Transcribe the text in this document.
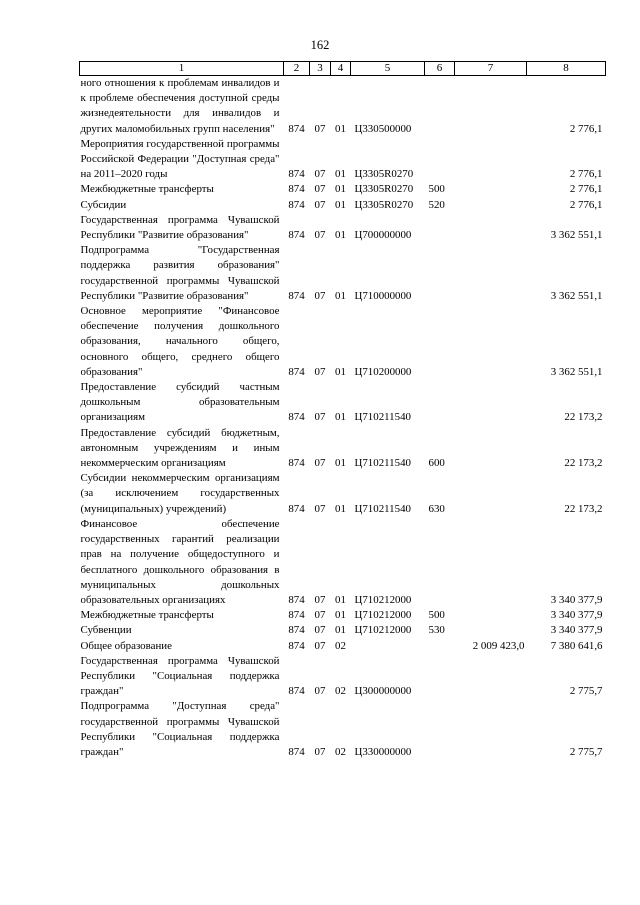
162
1	2	3	4	5	6	7	8
ного отношения к проблемам инвалидов и к проблеме обеспечения доступной среды жизнедеятельности для инвалидов и других маломобильных групп населения"	874	07	01	Ц330500000			2 776,1
Мероприятия государственной программы Российской Федерации "Доступная среда" на 2011–2020 годы	874	07	01	Ц3305R0270			2 776,1
Межбюджетные трансферты	874	07	01	Ц3305R0270	500		2 776,1
Субсидии	874	07	01	Ц3305R0270	520		2 776,1
Государственная программа Чувашской Республики "Развитие образования"	874	07	01	Ц700000000			3 362 551,1
Подпрограмма "Государственная поддержка развития образования" государственной программы Чувашской Республики "Развитие образования"	874	07	01	Ц710000000			3 362 551,1
Основное мероприятие "Финансовое обеспечение получения дошкольного образования, начального общего, основного общего, среднего общего образования"	874	07	01	Ц710200000			3 362 551,1
Предоставление субсидий частным дошкольным образовательным организациям	874	07	01	Ц710211540			22 173,2
Предоставление субсидий бюджетным, автономным учреждениям и иным некоммерческим организациям	874	07	01	Ц710211540	600		22 173,2
Субсидии некоммерческим организациям (за исключением государственных (муниципальных) учреждений)	874	07	01	Ц710211540	630		22 173,2
Финансовое обеспечение государственных гарантий реализации прав на получение общедоступного и бесплатного дошкольного образования в муниципальных дошкольных образовательных организациях	874	07	01	Ц710212000			3 340 377,9
Межбюджетные трансферты	874	07	01	Ц710212000	500		3 340 377,9
Субвенции	874	07	01	Ц710212000	530		3 340 377,9
Общее образование	874	07	02			2 009 423,0	7 380 641,6
Государственная программа Чувашской Республики "Социальная поддержка граждан"	874	07	02	Ц300000000			2 775,7
Подпрограмма "Доступная среда" государственной программы Чувашской Республики "Социальная поддержка граждан"	874	07	02	Ц330000000			2 775,7
